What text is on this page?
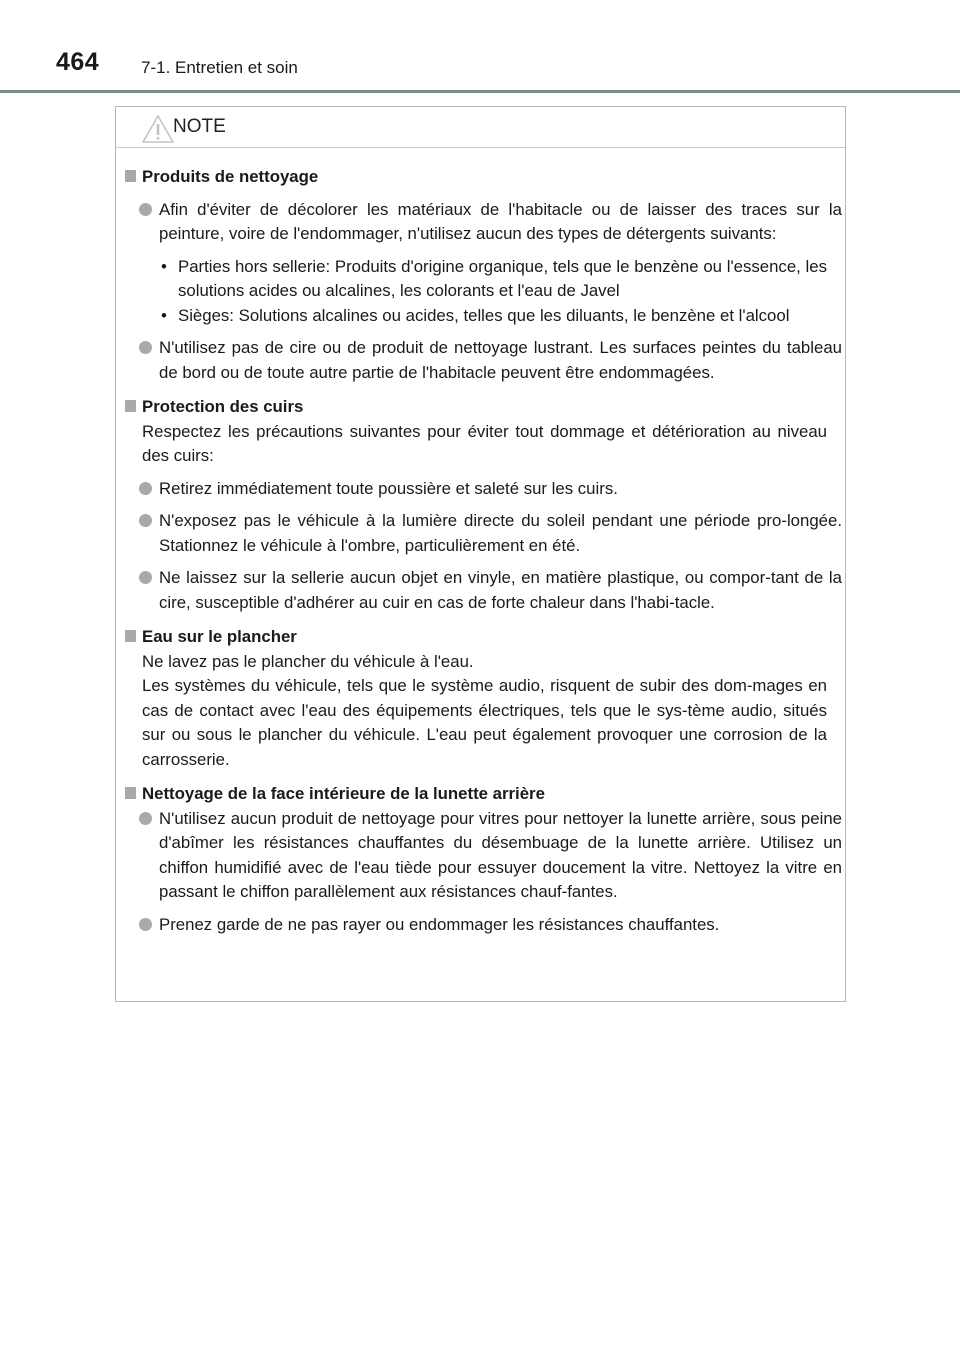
464 7-1. Entretien et soin
NOTE
Produits de nettoyage
Afin d'éviter de décolorer les matériaux de l'habitacle ou de laisser des traces sur la peinture, voire de l'endommager, n'utilisez aucun des types de détergents suivants:
• Parties hors sellerie: Produits d'origine organique, tels que le benzène ou l'essence, les solutions acides ou alcalines, les colorants et l'eau de Javel
• Sièges: Solutions alcalines ou acides, telles que les diluants, le benzène et l'alcool
N'utilisez pas de cire ou de produit de nettoyage lustrant. Les surfaces peintes du tableau de bord ou de toute autre partie de l'habitacle peuvent être endommagées.
Protection des cuirs
Respectez les précautions suivantes pour éviter tout dommage et détérioration au niveau des cuirs:
Retirez immédiatement toute poussière et saleté sur les cuirs.
N'exposez pas le véhicule à la lumière directe du soleil pendant une période pro-longée. Stationnez le véhicule à l'ombre, particulièrement en été.
Ne laissez sur la sellerie aucun objet en vinyle, en matière plastique, ou compor-tant de la cire, susceptible d'adhérer au cuir en cas de forte chaleur dans l'habi-tacle.
Eau sur le plancher
Ne lavez pas le plancher du véhicule à l'eau.
Les systèmes du véhicule, tels que le système audio, risquent de subir des dom-mages en cas de contact avec l'eau des équipements électriques, tels que le sys-tème audio, situés sur ou sous le plancher du véhicule. L'eau peut également provoquer une corrosion de la carrosserie.
Nettoyage de la face intérieure de la lunette arrière
N'utilisez aucun produit de nettoyage pour vitres pour nettoyer la lunette arrière, sous peine d'abîmer les résistances chauffantes du désembuage de la lunette arrière. Utilisez un chiffon humidifié avec de l'eau tiède pour essuyer doucement la vitre. Nettoyez la vitre en passant le chiffon parallèlement aux résistances chauf-fantes.
Prenez garde de ne pas rayer ou endommager les résistances chauffantes.
